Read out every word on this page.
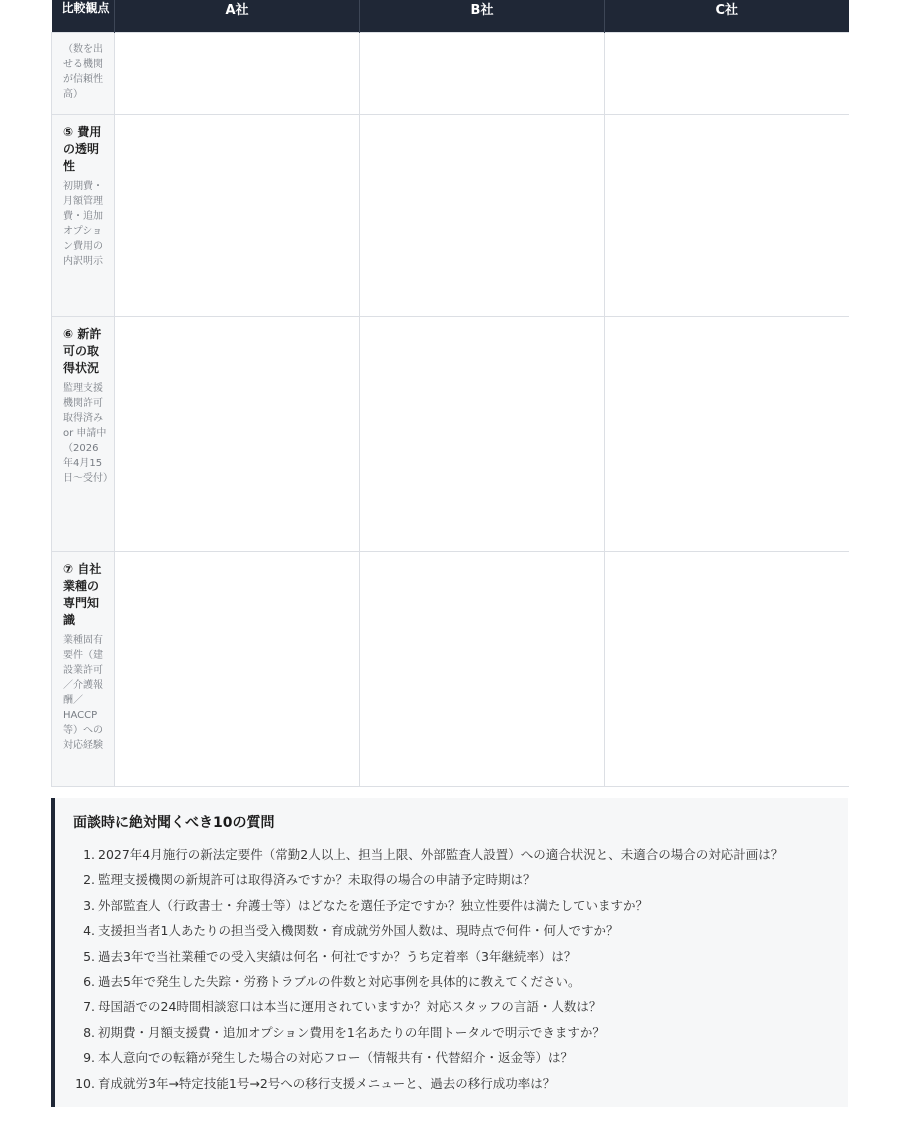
比較観点	A社	B社	C社

（数を出せる機関が信頼性高）			

⑤ 費用の透明性
初期費・月額管理費・追加オプション費用の内訳明示			

⑥ 新許可の取得状況
監理支援機関許可取得済み or 申請中（2026年4月15日〜受付）			

⑦ 自社業種の専門知識
業種固有要件（建設業許可／介護報酬／HACCP等）への対応経験			

面談時に絶対聞くべき10の質問
1. 2027年4月施行の新法定要件（常勤2人以上、担当上限、外部監査人設置）への適合状況と、未適合の場合の対応計画は？
2. 監理支援機関の新規許可は取得済みですか？未取得の場合の申請予定時期は？
3. 外部監査人（行政書士・弁護士等）はどなたを選任予定ですか？独立性要件は満たしていますか？
4. 支援担当者1人あたりの担当受入機関数・育成就労外国人数は、現時点で何件・何人ですか？
5. 過去3年で当社業種での受入実績は何名・何社ですか？うち定着率（3年継続率）は？
6. 過去5年で発生した失踪・労務トラブルの件数と対応事例を具体的に教えてください。
7. 母国語での24時間相談窓口は本当に運用されていますか？対応スタッフの言語・人数は？
8. 初期費・月額支援費・追加オプション費用を1名あたりの年間トータルで明示できますか？
9. 本人意向での転籍が発生した場合の対応フロー（情報共有・代替紹介・返金等）は？
10. 育成就労3年→特定技能1号→2号への移行支援メニューと、過去の移行成功率は？
